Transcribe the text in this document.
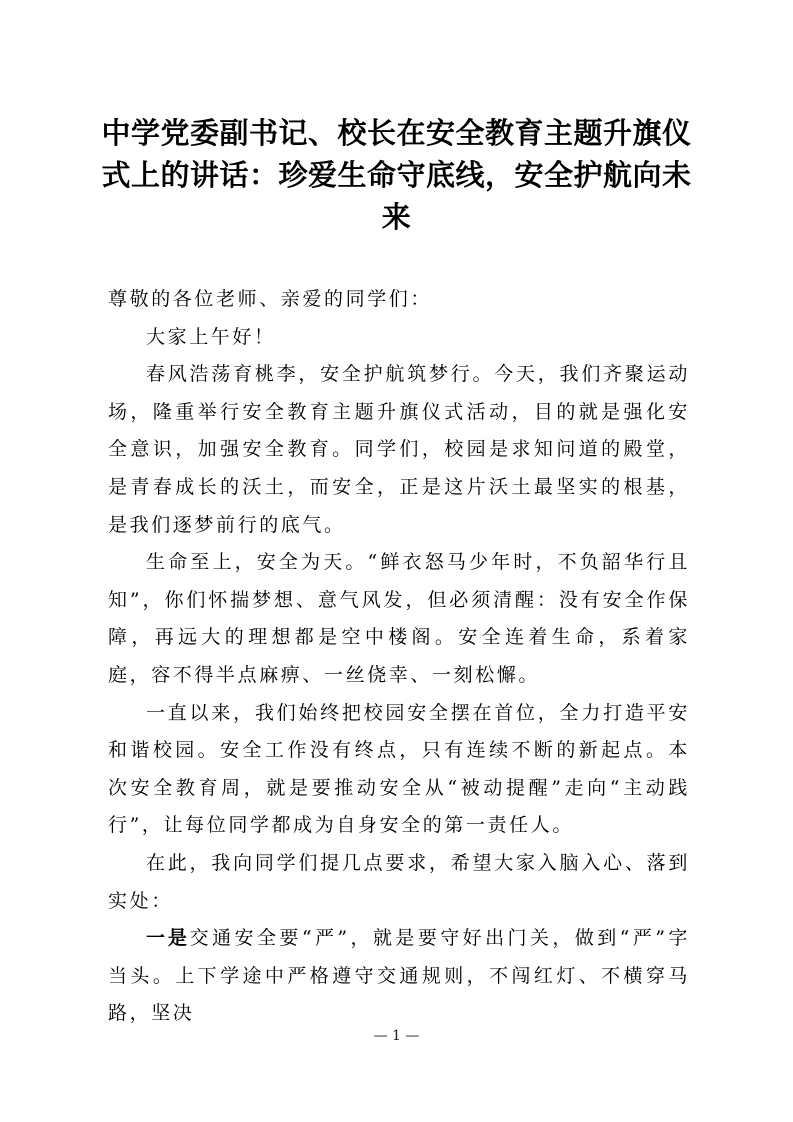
中学党委副书记、校长在安全教育主题升旗仪式上的讲话：珍爱生命守底线，安全护航向未来

尊敬的各位老师、亲爱的同学们：

大家上午好！

春风浩荡育桃李，安全护航筑梦行。今天，我们齐聚运动场，隆重举行安全教育主题升旗仪式活动，目的就是强化安全意识，加强安全教育。同学们，校园是求知问道的殿堂，是青春成长的沃土，而安全，正是这片沃土最坚实的根基，是我们逐梦前行的底气。

生命至上，安全为天。“鲜衣怒马少年时，不负韶华行且知”，你们怀揣梦想、意气风发，但必须清醒：没有安全作保障，再远大的理想都是空中楼阁。安全连着生命，系着家庭，容不得半点麻痹、一丝侥幸、一刻松懈。

一直以来，我们始终把校园安全摆在首位，全力打造平安和谐校园。安全工作没有终点，只有连续不断的新起点。本次安全教育周，就是要推动安全从“被动提醒”走向“主动践行”，让每位同学都成为自身安全的第一责任人。

在此，我向同学们提几点要求，希望大家入脑入心、落到实处：

一是交通安全要“严”，就是要守好出门关，做到“严”字当头。上下学途中严格遵守交通规则，不闯红灯、不横穿马路，坚决

— 1 —
